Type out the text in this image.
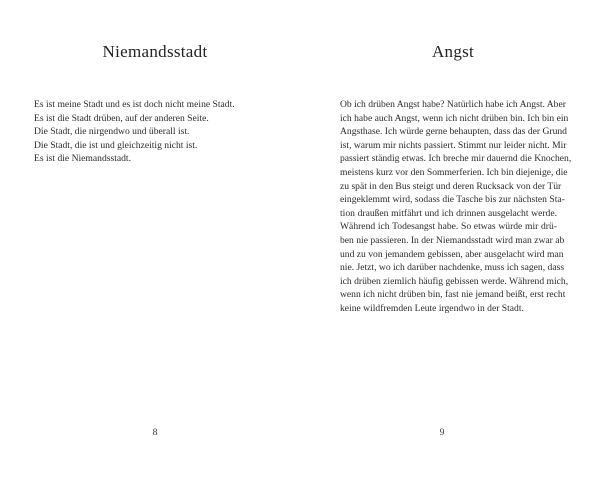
Niemandsstadt
Es ist meine Stadt und es ist doch nicht meine Stadt.
Es ist die Stadt drüben, auf der anderen Seite.
Die Stadt, die nirgendwo und überall ist.
Die Stadt, die ist und gleichzeitig nicht ist.
Es ist die Niemandsstadt.
8
Angst
Ob ich drüben Angst habe? Natürlich habe ich Angst. Aber
ich habe auch Angst, wenn ich nicht drüben bin. Ich bin ein
Angsthase. Ich würde gerne behaupten, dass das der Grund
ist, warum mir nichts passiert. Stimmt nur leider nicht. Mir
passiert ständig etwas. Ich breche mir dauernd die Knochen,
meistens kurz vor den Sommerferien. Ich bin diejenige, die
zu spät in den Bus steigt und deren Rucksack von der Tür
eingeklemmt wird, sodass die Tasche bis zur nächsten Sta-
tion draußen mitfährt und ich drinnen ausgelacht werde.
Während ich Todesangst habe. So etwas würde mir drü-
ben nie passieren. In der Niemandsstadt wird man zwar ab
und zu von jemandem gebissen, aber ausgelacht wird man
nie. Jetzt, wo ich darüber nachdenke, muss ich sagen, dass
ich drüben ziemlich häufig gebissen werde. Während mich,
wenn ich nicht drüben bin, fast nie jemand beißt, erst recht
keine wildfremden Leute irgendwo in der Stadt.
9
